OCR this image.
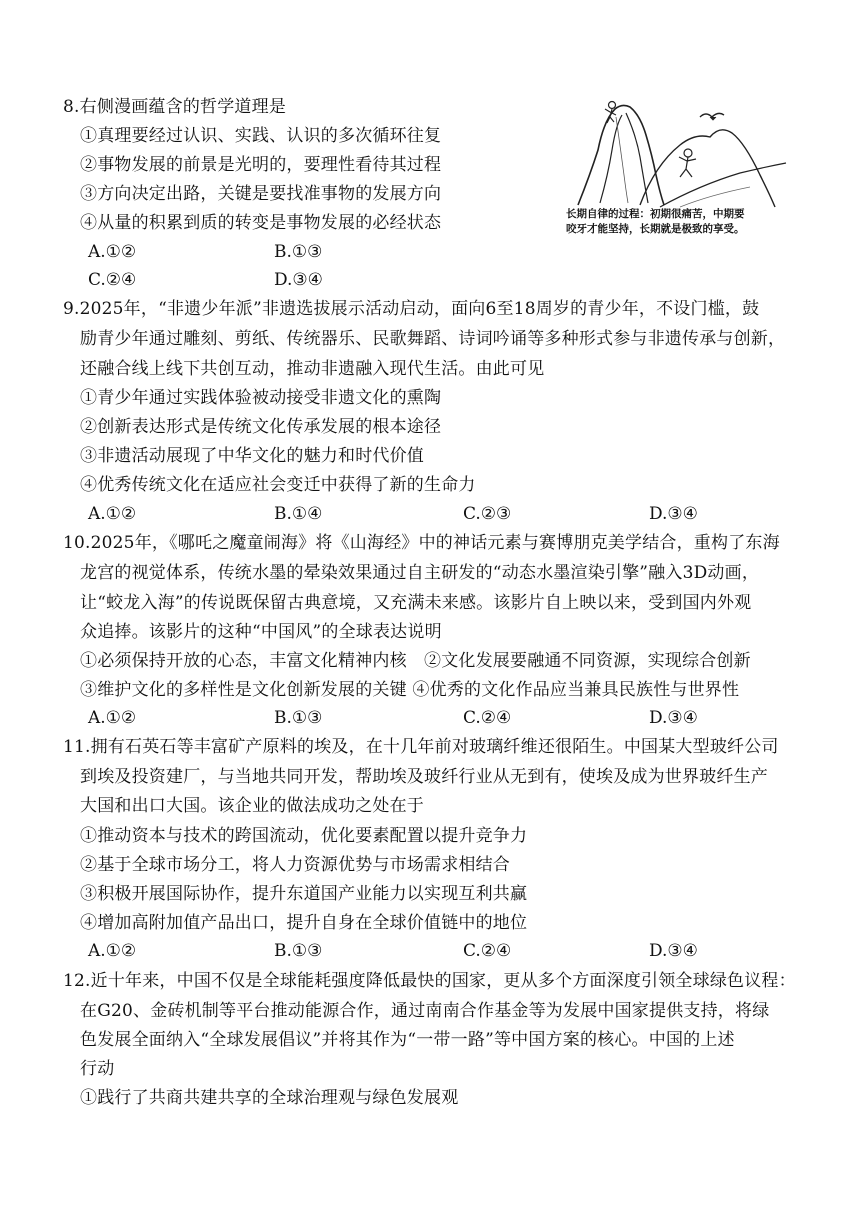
8.右侧漫画蕴含的哲学道理是
①真理要经过认识、实践、认识的多次循环往复
②事物发展的前景是光明的，要理性看待其过程
③方向决定出路，关键是要找准事物的发展方向
④从量的积累到质的转变是事物发展的必经状态
A.①②	B.①③
C.②④	D.③④
长期自律的过程：初期很痛苦，中期要
咬牙才能坚持，长期就是极致的享受。
9.2025年，“非遗少年派”非遗选拔展示活动启动，面向6至18周岁的青少年，不设门槛，鼓
励青少年通过雕刻、剪纸、传统器乐、民歌舞蹈、诗词吟诵等多种形式参与非遗传承与创新，
还融合线上线下共创互动，推动非遗融入现代生活。由此可见
①青少年通过实践体验被动接受非遗文化的熏陶
②创新表达形式是传统文化传承发展的根本途径
③非遗活动展现了中华文化的魅力和时代价值
④优秀传统文化在适应社会变迁中获得了新的生命力
A.①②	B.①④	C.②③	D.③④
10.2025年，《哪吒之魔童闹海》将《山海经》中的神话元素与赛博朋克美学结合，重构了东海
龙宫的视觉体系，传统水墨的晕染效果通过自主研发的“动态水墨渲染引擎”融入3D动画，
让“蛟龙入海”的传说既保留古典意境，又充满未来感。该影片自上映以来，受到国内外观
众追捧。该影片的这种“中国风”的全球表达说明
①必须保持开放的心态，丰富文化精神内核　②文化发展要融通不同资源，实现综合创新
③维护文化的多样性是文化创新发展的关键 ④优秀的文化作品应当兼具民族性与世界性
A.①②	B.①③	C.②④	D.③④
11.拥有石英石等丰富矿产原料的埃及，在十几年前对玻璃纤维还很陌生。中国某大型玻纤公司
到埃及投资建厂，与当地共同开发，帮助埃及玻纤行业从无到有，使埃及成为世界玻纤生产
大国和出口大国。该企业的做法成功之处在于
①推动资本与技术的跨国流动，优化要素配置以提升竞争力
②基于全球市场分工，将人力资源优势与市场需求相结合
③积极开展国际协作，提升东道国产业能力以实现互利共赢
④增加高附加值产品出口，提升自身在全球价值链中的地位
A.①②	B.①③	C.②④	D.③④
12.近十年来，中国不仅是全球能耗强度降低最快的国家，更从多个方面深度引领全球绿色议程：
在G20、金砖机制等平台推动能源合作，通过南南合作基金等为发展中国家提供支持，将绿
色发展全面纳入“全球发展倡议”并将其作为“一带一路”等中国方案的核心。中国的上述
行动
①践行了共商共建共享的全球治理观与绿色发展观
